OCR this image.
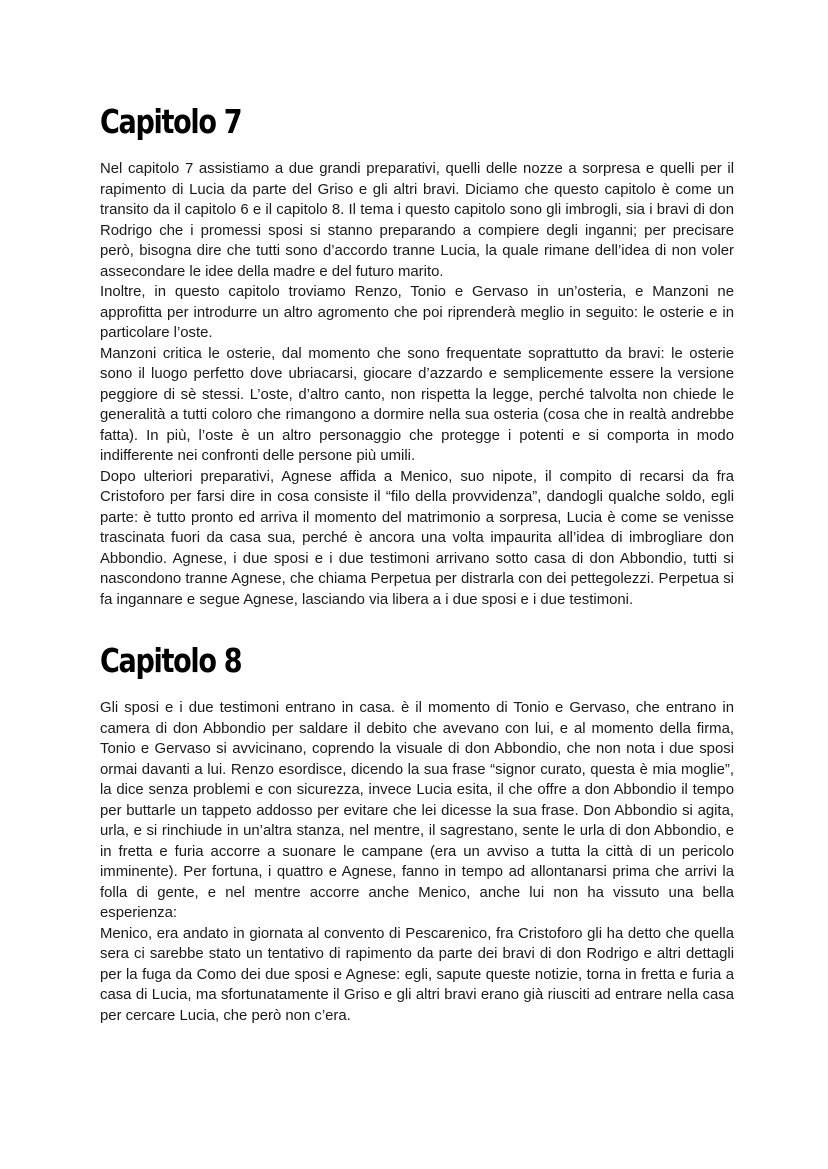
Capitolo 7

Nel capitolo 7 assistiamo a due grandi preparativi, quelli delle nozze a sorpresa e quelli per il rapimento di Lucia da parte del Griso e gli altri bravi. Diciamo che questo capitolo è come un transito da il capitolo 6 e il capitolo 8. Il tema i questo capitolo sono gli imbrogli, sia i bravi di don Rodrigo che i promessi sposi si stanno preparando a compiere degli inganni; per precisare però, bisogna dire che tutti sono d’accordo tranne Lucia, la quale rimane dell’idea di non voler assecondare le idee della madre e del futuro marito.

Inoltre, in questo capitolo troviamo Renzo, Tonio e Gervaso in un’osteria, e Manzoni ne approfitta per introdurre un altro agromento che poi riprenderà meglio in seguito: le osterie e in particolare l’oste.

Manzoni critica le osterie, dal momento che sono frequentate soprattutto da bravi: le osterie sono il luogo perfetto dove ubriacarsi, giocare d’azzardo e semplicemente essere la versione peggiore di sè stessi. L’oste, d’altro canto, non rispetta la legge, perché talvolta non chiede le generalità a tutti coloro che rimangono a dormire nella sua osteria (cosa che in realtà andrebbe fatta). In più, l’oste è un altro personaggio che protegge i potenti e si comporta in modo indifferente nei confronti delle persone più umili.

Dopo ulteriori preparativi, Agnese affida a Menico, suo nipote, il compito di recarsi da fra Cristoforo per farsi dire in cosa consiste il “filo della provvidenza”, dandogli qualche soldo, egli parte: è tutto pronto ed arriva il momento del matrimonio a sorpresa, Lucia è come se venisse trascinata fuori da casa sua, perché è ancora una volta impaurita all’idea di imbrogliare don Abbondio. Agnese, i due sposi e i due testimoni arrivano sotto casa di don Abbondio, tutti si nascondono tranne Agnese, che chiama Perpetua per distrarla con dei pettegolezzi. Perpetua si fa ingannare e segue Agnese, lasciando via libera a i due sposi e i due testimoni.

Capitolo 8

Gli sposi e i due testimoni entrano in casa. è il momento di Tonio e Gervaso, che entrano in camera di don Abbondio per saldare il debito che avevano con lui, e al momento della firma, Tonio e Gervaso si avvicinano, coprendo la visuale di don Abbondio, che non nota i due sposi ormai davanti a lui. Renzo esordisce, dicendo la sua frase “signor curato, questa è mia moglie”, la dice senza problemi e con sicurezza, invece Lucia esita, il che offre a don Abbondio il tempo per buttarle un tappeto addosso per evitare che lei dicesse la sua frase. Don Abbondio si agita, urla, e si rinchiude in un’altra stanza, nel mentre, il sagrestano, sente le urla di don Abbondio, e in fretta e furia accorre a suonare le campane (era un avviso a tutta la città di un pericolo imminente). Per fortuna, i quattro e Agnese, fanno in tempo ad allontanarsi prima che arrivi la folla di gente, e nel mentre accorre anche Menico, anche lui non ha vissuto una bella esperienza:

Menico, era andato in giornata al convento di Pescarenico, fra Cristoforo gli ha detto che quella sera ci sarebbe stato un tentativo di rapimento da parte dei bravi di don Rodrigo e altri dettagli per la fuga da Como dei due sposi e Agnese: egli, sapute queste notizie, torna in fretta e furia a casa di Lucia, ma sfortunatamente il Griso e gli altri bravi erano già riusciti ad entrare nella casa per cercare Lucia, che però non c’era.
